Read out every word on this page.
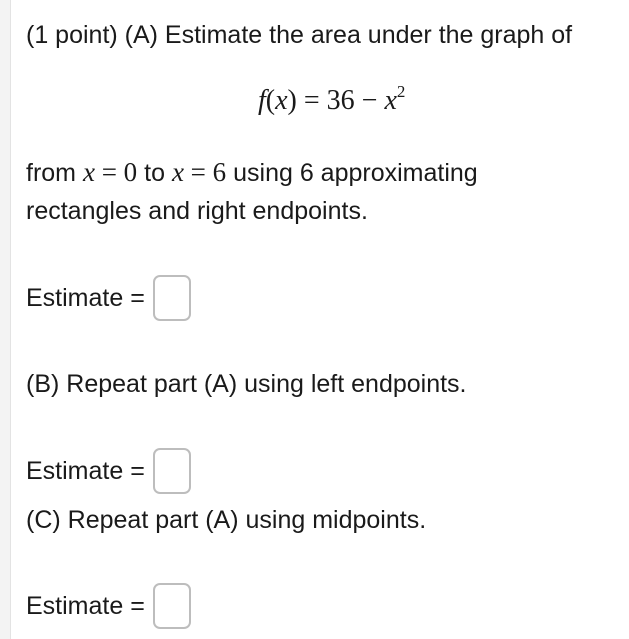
(1 point) (A) Estimate the area under the graph of
$f(x) = 36 - x^2$
from x = 0 to x = 6 using 6 approximating
rectangles and right endpoints.
Estimate =
(B) Repeat part (A) using left endpoints.
Estimate =
(C) Repeat part (A) using midpoints.
Estimate =
